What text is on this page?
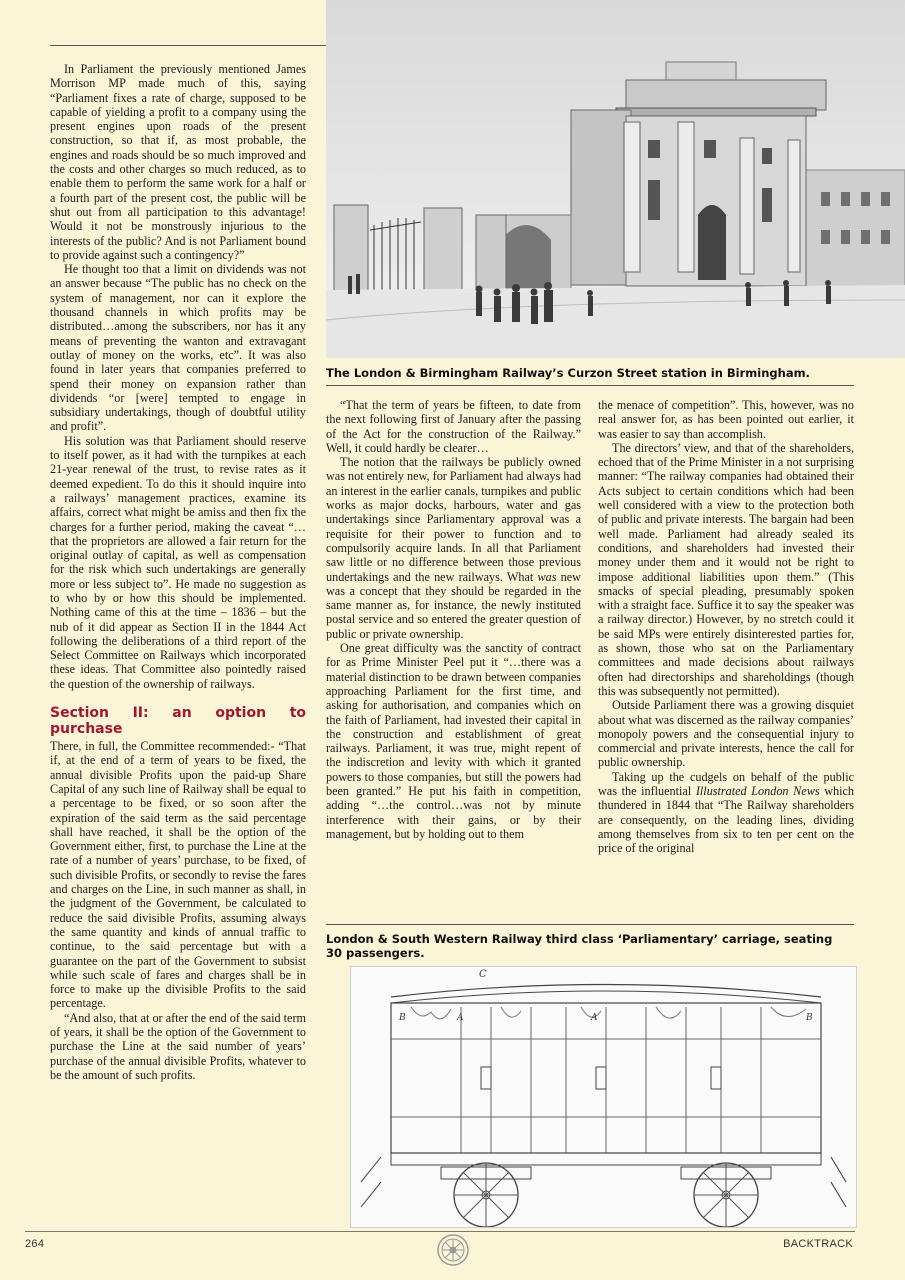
In Parliament the previously mentioned James Morrison MP made much of this, saying “Parliament fixes a rate of charge, supposed to be capable of yielding a profit to a company using the present engines upon roads of the present construction, so that if, as most probable, the engines and roads should be so much improved and the costs and other charges so much reduced, as to enable them to perform the same work for a half or a fourth part of the present cost, the public will be shut out from all participation to this advantage! Would it not be monstrously injurious to the interests of the public? And is not Parliament bound to provide against such a contingency?”

He thought too that a limit on dividends was not an answer because “The public has no check on the system of management, nor can it explore the thousand channels in which profits may be distributed…among the subscribers, nor has it any means of preventing the wanton and extravagant outlay of money on the works, etc”. It was also found in later years that companies preferred to spend their money on expansion rather than dividends “or [were] tempted to engage in subsidiary undertakings, though of doubtful utility and profit”.

His solution was that Parliament should reserve to itself power, as it had with the turnpikes at each 21-year renewal of the trust, to revise rates as it deemed expedient. To do this it should inquire into a railways’ management practices, examine its affairs, correct what might be amiss and then fix the charges for a further period, making the caveat “…that the proprietors are allowed a fair return for the original outlay of capital, as well as compensation for the risk which such undertakings are generally more or less subject to”. He made no suggestion as to who by or how this should be implemented. Nothing came of this at the time – 1836 – but the nub of it did appear as Section II in the 1844 Act following the deliberations of a third report of the Select Committee on Railways which incorporated these ideas. That Committee also pointedly raised the question of the ownership of railways.

Section II: an option to purchase

There, in full, the Committee recommended:- “That if, at the end of a term of years to be fixed, the annual divisible Profits upon the paid-up Share Capital of any such line of Railway shall be equal to a percentage to be fixed, or so soon after the expiration of the said term as the said percentage shall have reached, it shall be the option of the Government either, first, to purchase the Line at the rate of a number of years’ purchase, to be fixed, of such divisible Profits, or secondly to revise the fares and charges on the Line, in such manner as shall, in the judgment of the Government, be calculated to reduce the said divisible Profits, assuming always the same quantity and kinds of annual traffic to continue, to the said percentage but with a guarantee on the part of the Government to subsist while such scale of fares and charges shall be in force to make up the divisible Profits to the said percentage.

“And also, that at or after the end of the said term of years, it shall be the option of the Government to purchase the Line at the said number of years’ purchase of the annual divisible Profits, whatever to be the amount of such profits.

The London & Birmingham Railway’s Curzon Street station in Birmingham.

“That the term of years be fifteen, to date from the next following first of January after the passing of the Act for the construction of the Railway.” Well, it could hardly be clearer…

The notion that the railways be publicly owned was not entirely new, for Parliament had always had an interest in the earlier canals, turnpikes and public works as major docks, harbours, water and gas undertakings since Parliamentary approval was a requisite for their power to function and to compulsorily acquire lands. In all that Parliament saw little or no difference between those previous undertakings and the new railways. What was new was a concept that they should be regarded in the same manner as, for instance, the newly instituted postal service and so entered the greater question of public or private ownership.

One great difficulty was the sanctity of contract for as Prime Minister Peel put it “…there was a material distinction to be drawn between companies approaching Parliament for the first time, and asking for authorisation, and companies which on the faith of Parliament, had invested their capital in the construction and establishment of great railways. Parliament, it was true, might repent of the indiscretion and levity with which it granted powers to those companies, but still the powers had been granted.” He put his faith in competition, adding “…the control…was not by minute interference with their gains, or by their management, but by holding out to them

the menace of competition”. This, however, was no real answer for, as has been pointed out earlier, it was easier to say than accomplish.

The directors’ view, and that of the shareholders, echoed that of the Prime Minister in a not surprising manner: “The railway companies had obtained their Acts subject to certain conditions which had been well considered with a view to the protection both of public and private interests. The bargain had been well made. Parliament had already sealed its conditions, and shareholders had invested their money under them and it would not be right to impose additional liabilities upon them.” (This smacks of special pleading, presumably spoken with a straight face. Suffice it to say the speaker was a railway director.) However, by no stretch could it be said MPs were entirely disinterested parties for, as shown, those who sat on the Parliamentary committees and made decisions about railways often had directorships and shareholdings (though this was subsequently not permitted).

Outside Parliament there was a growing disquiet about what was discerned as the railway companies’ monopoly powers and the consequential injury to commercial and private interests, hence the call for public ownership.

Taking up the cudgels on behalf of the public was the influential Illustrated London News which thundered in 1844 that “The Railway shareholders are consequently, on the leading lines, dividing among themselves from six to ten per cent on the price of the original

London & South Western Railway third class ‘Parliamentary’ carriage, seating 30 passengers.
C
B	A	A	B
264	BACKTRACK
